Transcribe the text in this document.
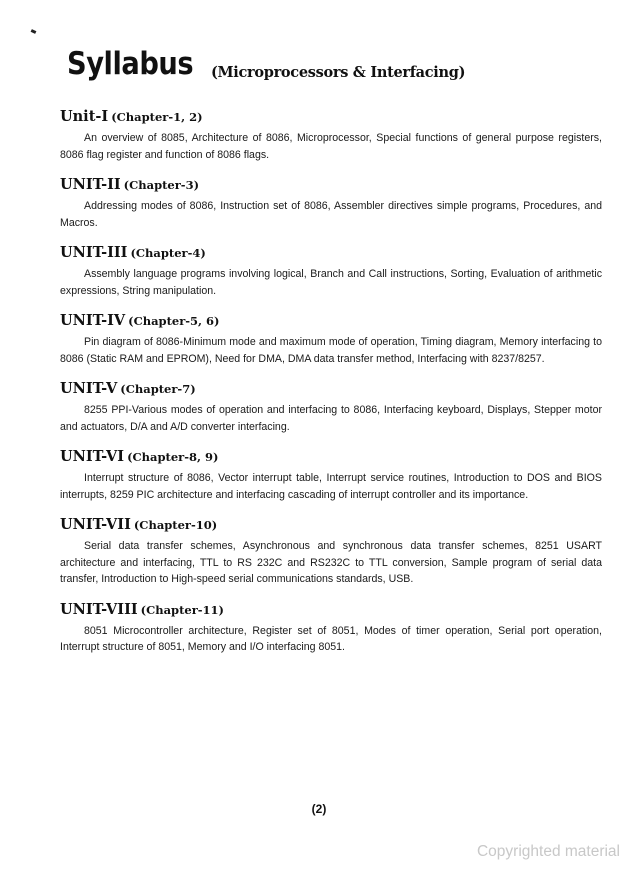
Syllabus (Microprocessors & Interfacing)
Unit-I (Chapter-1, 2)

An overview of 8085, Architecture of 8086, Microprocessor, Special functions of general purpose registers, 8086 flag register and function of 8086 flags.

UNIT-II (Chapter-3)

Addressing modes of 8086, Instruction set of 8086, Assembler directives simple programs, Procedures, and Macros.

UNIT-III (Chapter-4)

Assembly language programs involving logical, Branch and Call instructions, Sorting, Evaluation of arithmetic expressions, String manipulation.

UNIT-IV (Chapter-5, 6)

Pin diagram of 8086-Minimum mode and maximum mode of operation, Timing diagram, Memory interfacing to 8086 (Static RAM and EPROM), Need for DMA, DMA data transfer method, Interfacing with 8237/8257.

UNIT-V (Chapter-7)

8255 PPI-Various modes of operation and interfacing to 8086, Interfacing keyboard, Displays, Stepper motor and actuators, D/A and A/D converter interfacing.

UNIT-VI (Chapter-8, 9)

Interrupt structure of 8086, Vector interrupt table, Interrupt service routines, Introduction to DOS and BIOS interrupts, 8259 PIC architecture and interfacing cascading of interrupt controller and its importance.

UNIT-VII (Chapter-10)

Serial data transfer schemes, Asynchronous and synchronous data transfer schemes, 8251 USART architecture and interfacing, TTL to RS 232C and RS232C to TTL conversion, Sample program of serial data transfer, Introduction to High-speed serial communications standards, USB.

UNIT-VIII (Chapter-11)

8051 Microcontroller architecture, Register set of 8051, Modes of timer operation, Serial port operation, Interrupt structure of 8051, Memory and I/O interfacing 8051.

(2)
Copyrighted material
